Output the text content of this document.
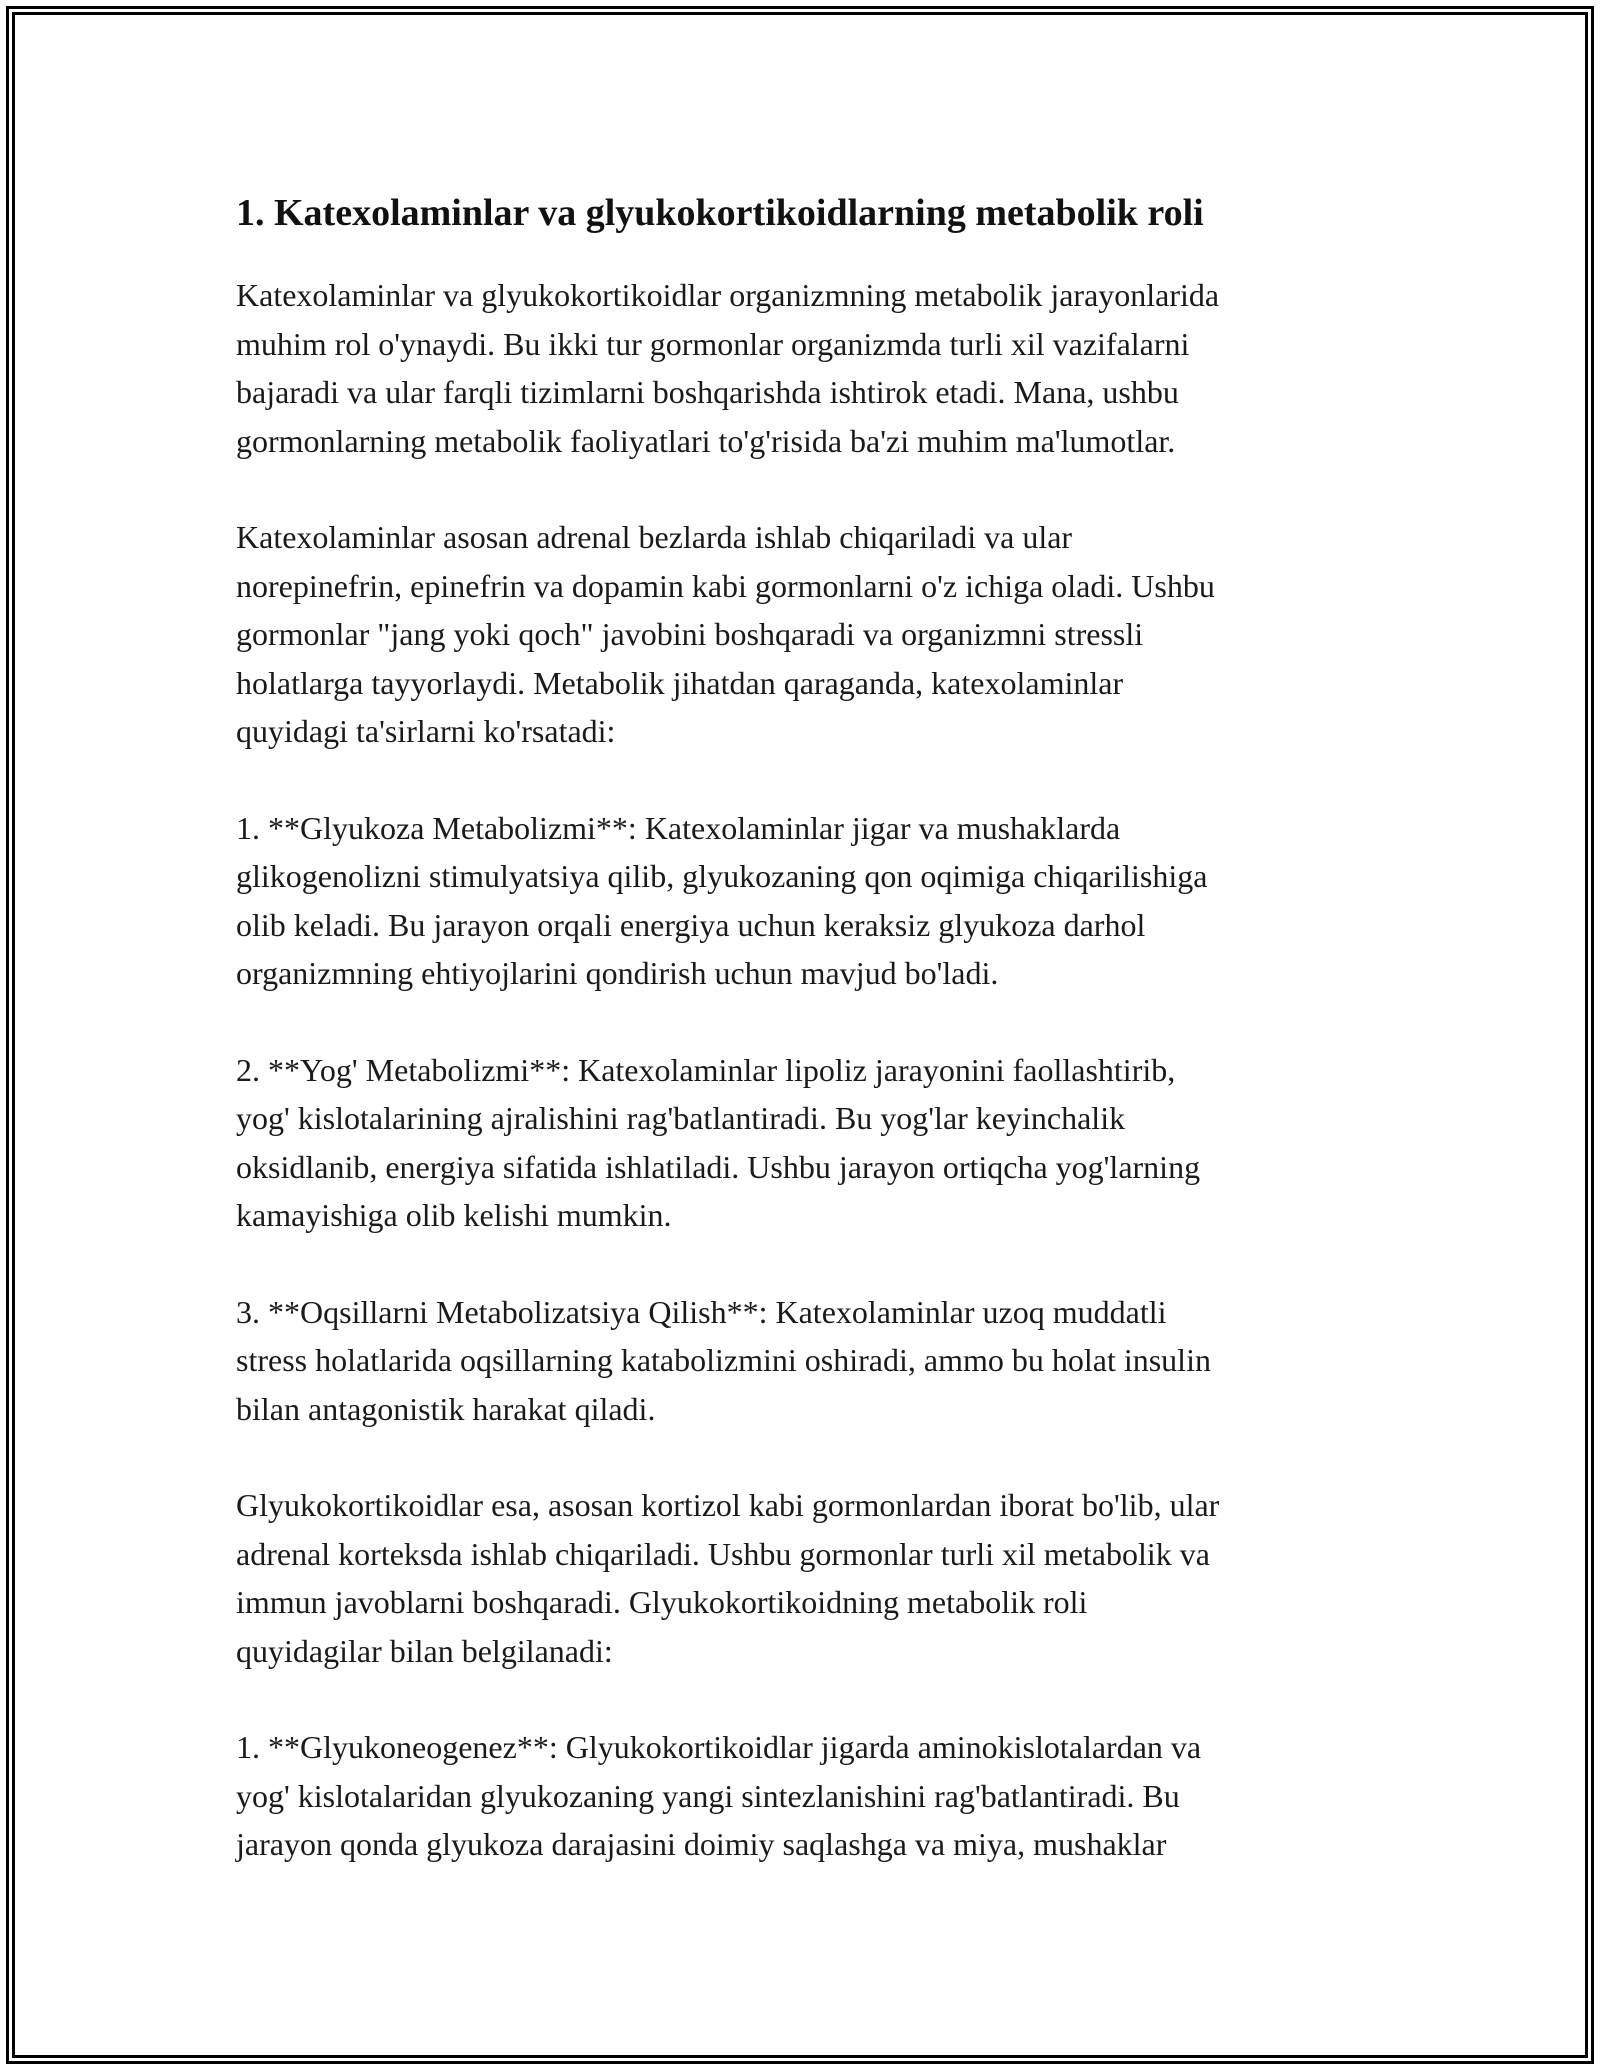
1. Katexolaminlar va glyukokortikoidlarning metabolik roli

Katexolaminlar va glyukokortikoidlar organizmning metabolik jarayonlarida
muhim rol o'ynaydi. Bu ikki tur gormonlar organizmda turli xil vazifalarni
bajaradi va ular farqli tizimlarni boshqarishda ishtirok etadi. Mana, ushbu
gormonlarning metabolik faoliyatlari to'g'risida ba'zi muhim ma'lumotlar.

Katexolaminlar asosan adrenal bezlarda ishlab chiqariladi va ular
norepinefrin, epinefrin va dopamin kabi gormonlarni o'z ichiga oladi. Ushbu
gormonlar "jang yoki qoch" javobini boshqaradi va organizmni stressli
holatlarga tayyorlaydi. Metabolik jihatdan qaraganda, katexolaminlar
quyidagi ta'sirlarni ko'rsatadi:

1. **Glyukoza Metabolizmi**: Katexolaminlar jigar va mushaklarda
glikogenolizni stimulyatsiya qilib, glyukozaning qon oqimiga chiqarilishiga
olib keladi. Bu jarayon orqali energiya uchun keraksiz glyukoza darhol
organizmning ehtiyojlarini qondirish uchun mavjud bo'ladi.

2. **Yog' Metabolizmi**: Katexolaminlar lipoliz jarayonini faollashtirib,
yog' kislotalarining ajralishini rag'batlantiradi. Bu yog'lar keyinchalik
oksidlanib, energiya sifatida ishlatiladi. Ushbu jarayon ortiqcha yog'larning
kamayishiga olib kelishi mumkin.

3. **Oqsillarni Metabolizatsiya Qilish**: Katexolaminlar uzoq muddatli
stress holatlarida oqsillarning katabolizmini oshiradi, ammo bu holat insulin
bilan antagonistik harakat qiladi.

Glyukokortikoidlar esa, asosan kortizol kabi gormonlardan iborat bo'lib, ular
adrenal korteksda ishlab chiqariladi. Ushbu gormonlar turli xil metabolik va
immun javoblarni boshqaradi. Glyukokortikoidning metabolik roli
quyidagilar bilan belgilanadi:

1. **Glyukoneogenez**: Glyukokortikoidlar jigarda aminokislotalardan va
yog' kislotalaridan glyukozaning yangi sintezlanishini rag'batlantiradi. Bu
jarayon qonda glyukoza darajasini doimiy saqlashga va miya, mushaklar
